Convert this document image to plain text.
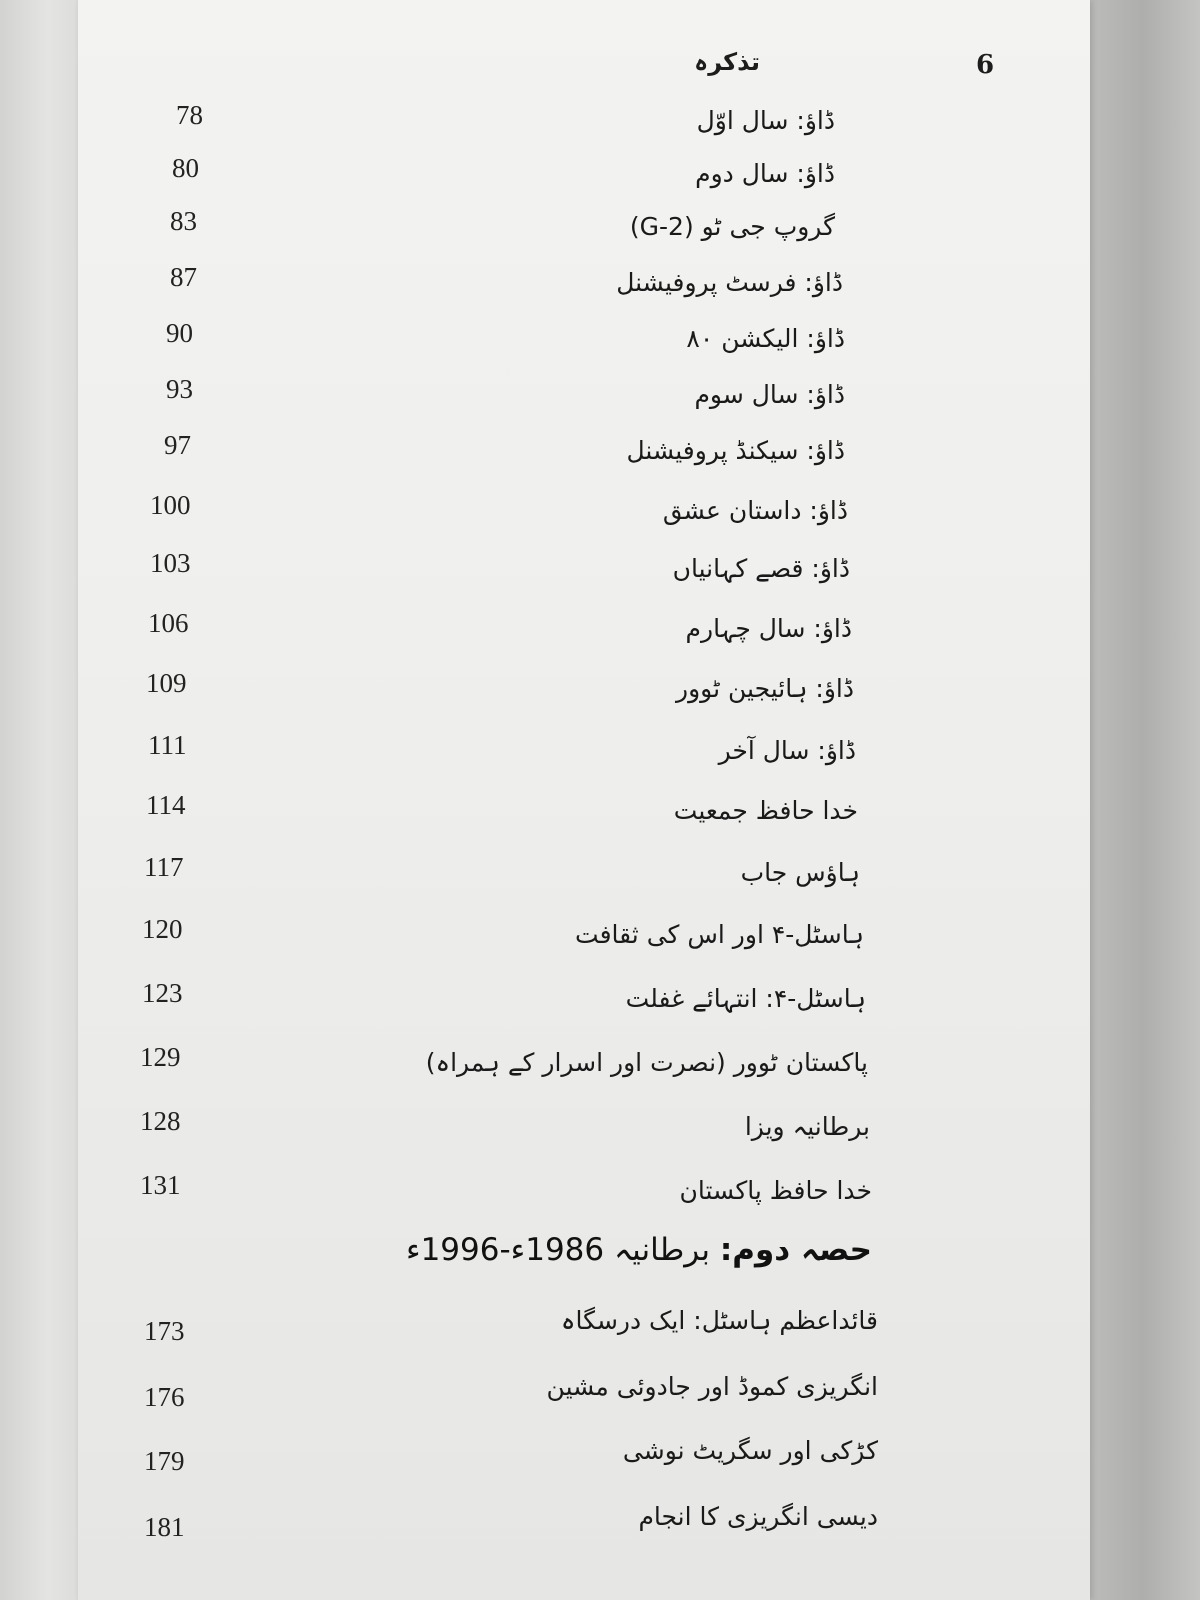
6
تذکرہ
ڈاؤ: سال اوّل
78
ڈاؤ: سال دوم
80
گروپ جی ٹو (G-2)
83
ڈاؤ: فرسٹ پروفیشنل
87
ڈاؤ: الیکشن ۸۰
90
ڈاؤ: سال سوم
93
ڈاؤ: سیکنڈ پروفیشنل
97
ڈاؤ: داستان عشق
100
ڈاؤ: قصے کہانیاں
103
ڈاؤ: سال چہارم
106
ڈاؤ: ہائیجین ٹوور
109
ڈاؤ: سال آخر
111
خدا حافظ جمعیت
114
ہاؤس جاب
117
ہاسٹل-۴ اور اس کی ثقافت
120
ہاسٹل-۴: انتہائے غفلت
123
پاکستان ٹوور (نصرت اور اسرار کے ہمراہ)
129
برطانیہ ویزا
128
خدا حافظ پاکستان
131
حصہ دوم: برطانیہ 1986ء-1996ء
قائداعظم ہاسٹل: ایک درسگاہ
173
انگریزی کموڈ اور جادوئی مشین
176
کڑکی اور سگریٹ نوشی
179
دیسی انگریزی کا انجام
181
